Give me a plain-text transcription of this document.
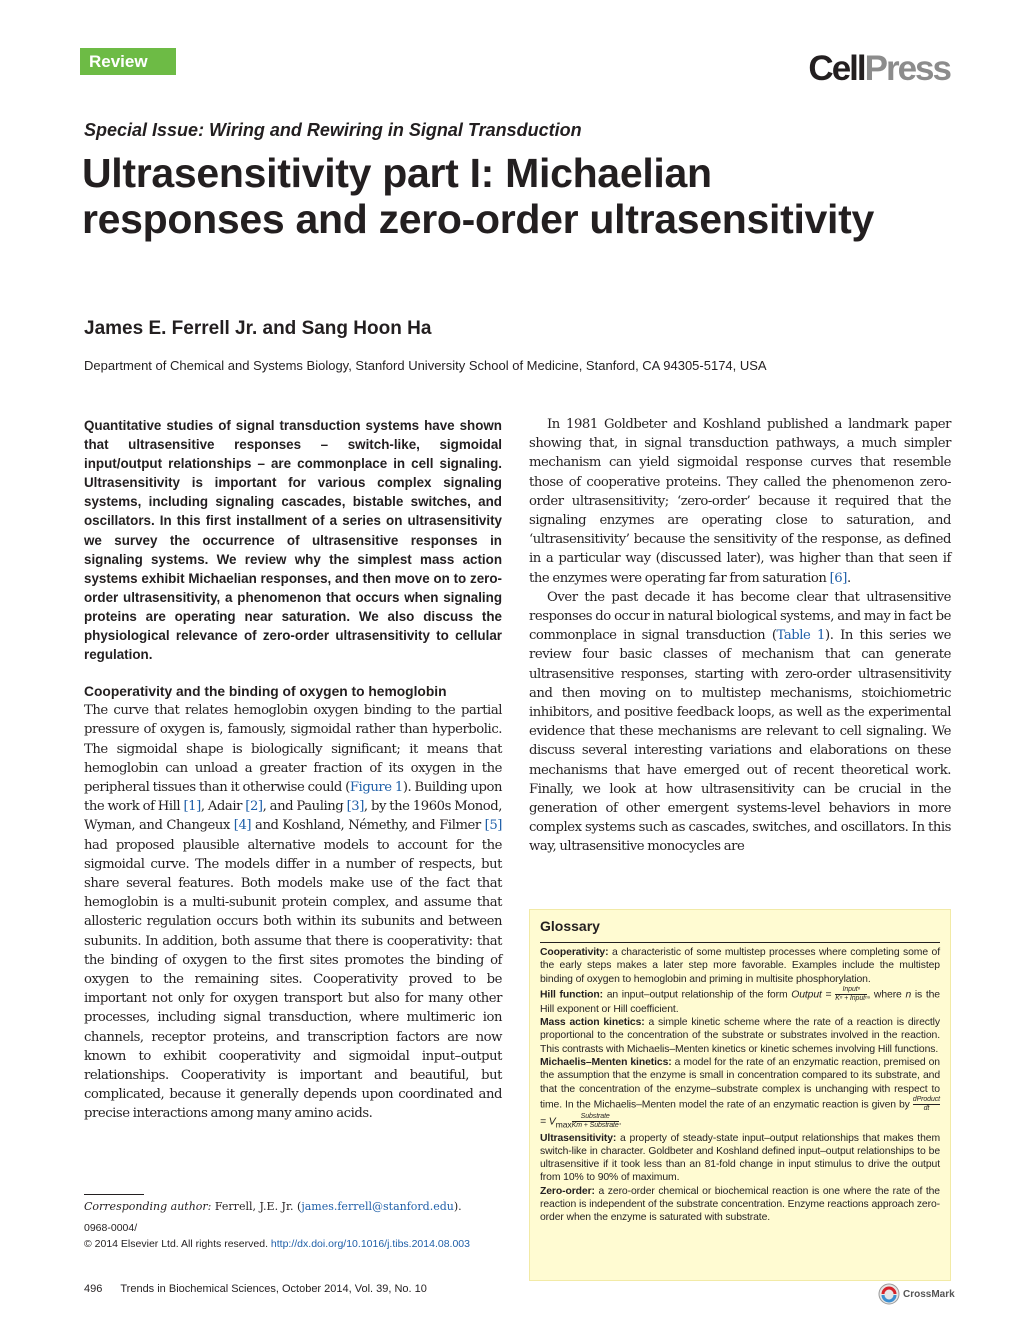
Review	CellPress
Special Issue: Wiring and Rewiring in Signal Transduction
Ultrasensitivity part I: Michaelian responses and zero-order ultrasensitivity
James E. Ferrell Jr. and Sang Hoon Ha
Department of Chemical and Systems Biology, Stanford University School of Medicine, Stanford, CA 94305-5174, USA

Quantitative studies of signal transduction systems have shown that ultrasensitive responses – switch-like, sigmoidal input/output relationships – are commonplace in cell signaling. Ultrasensitivity is important for various complex signaling systems, including signaling cascades, bistable switches, and oscillators. In this first installment of a series on ultrasensitivity we survey the occurrence of ultrasensitive responses in signaling systems. We review why the simplest mass action systems exhibit Michaelian responses, and then move on to zero-order ultrasensitivity, a phenomenon that occurs when signaling proteins are operating near saturation. We also discuss the physiological relevance of zero-order ultrasensitivity to cellular regulation.

Cooperativity and the binding of oxygen to hemoglobin

The curve that relates hemoglobin oxygen binding to the partial pressure of oxygen is, famously, sigmoidal rather than hyperbolic. The sigmoidal shape is biologically significant; it means that hemoglobin can unload a greater fraction of its oxygen in the peripheral tissues than it otherwise could (Figure 1). Building upon the work of Hill [1], Adair [2], and Pauling [3], by the 1960s Monod, Wyman, and Changeux [4] and Koshland, Némethy, and Filmer [5] had proposed plausible alternative models to account for the sigmoidal curve. The models differ in a number of respects, but share several features. Both models make use of the fact that hemoglobin is a multi-subunit protein complex, and assume that allosteric regulation occurs both within its subunits and between subunits. In addition, both assume that there is cooperativity: that the binding of oxygen to the first sites promotes the binding of oxygen to the remaining sites. Cooperativity proved to be important not only for oxygen transport but also for many other processes, including signal transduction, where multimeric ion channels, receptor proteins, and transcription factors are now known to exhibit cooperativity and sigmoidal input–output relationships. Cooperativity is important and beautiful, but complicated, because it generally depends upon coordinated and precise interactions among many amino acids.

In 1981 Goldbeter and Koshland published a landmark paper showing that, in signal transduction pathways, a much simpler mechanism can yield sigmoidal response curves that resemble those of cooperative proteins. They called the phenomenon zero-order ultrasensitivity; ‘zero-order’ because it required that the signaling enzymes are operating close to saturation, and ‘ultrasensitivity’ because the sensitivity of the response, as defined in a particular way (discussed later), was higher than that seen if the enzymes were operating far from saturation [6].

Over the past decade it has become clear that ultrasensitive responses do occur in natural biological systems, and may in fact be commonplace in signal transduction (Table 1). In this series we review four basic classes of mechanism that can generate ultrasensitive responses, starting with zero-order ultrasensitivity and then moving on to multistep mechanisms, stoichiometric inhibitors, and positive feedback loops, as well as the experimental evidence that these mechanisms are relevant to cell signaling. We discuss several interesting variations and elaborations on these mechanisms that have emerged out of recent theoretical work. Finally, we look at how ultrasensitivity can be crucial in the generation of other emergent systems-level behaviors in more complex systems such as cascades, switches, and oscillators. In this way, ultrasensitive monocycles are

Glossary

Cooperativity: a characteristic of some multistep processes where completing some of the early steps makes a later step more favorable. Examples include the multistep binding of oxygen to hemoglobin and priming in multisite phosphorylation.

Hill function: an input–output relationship of the form Output = $\frac{\text{Inputⁿ}}{\text{Kⁿ + Inputⁿ}}$ , where n is the Hill exponent or Hill coefficient.

Mass action kinetics: a simple kinetic scheme where the rate of a reaction is directly proportional to the concentration of the substrate or substrates involved in the reaction. This contrasts with Michaelis–Menten kinetics or kinetic schemes involving Hill functions.

Michaelis–Menten kinetics: a model for the rate of an enzymatic reaction, premised on the assumption that the enzyme is small in concentration compared to its substrate, and that the concentration of the enzyme–substrate complex is unchanging with respect to time. In the Michaelis–Menten model the rate of an enzymatic reaction is given by $\frac{\text{dProduct}}{dt}$
= $V_{max} \frac{\text{Substrate}}{\text{Km + Substrate}}$ .

Ultrasensitivity: a property of steady-state input–output relationships that makes them switch-like in character. Goldbeter and Koshland defined input–output relationships to be ultrasensitive if it took less than an 81-fold change in input stimulus to drive the output from 10% to 90% of maximum.

Zero-order: a zero-order chemical or biochemical reaction is one where the rate of the reaction is independent of the substrate concentration. Enzyme reactions approach zero-order when the enzyme is saturated with substrate.

Corresponding author: Ferrell, J.E. Jr. (james.ferrell@stanford.edu).
0968-0004/
© 2014 Elsevier Ltd. All rights reserved. http://dx.doi.org/10.1016/j.tibs.2014.08.003
496 Trends in Biochemical Sciences, October 2014, Vol. 39, No. 10	CrossMark
